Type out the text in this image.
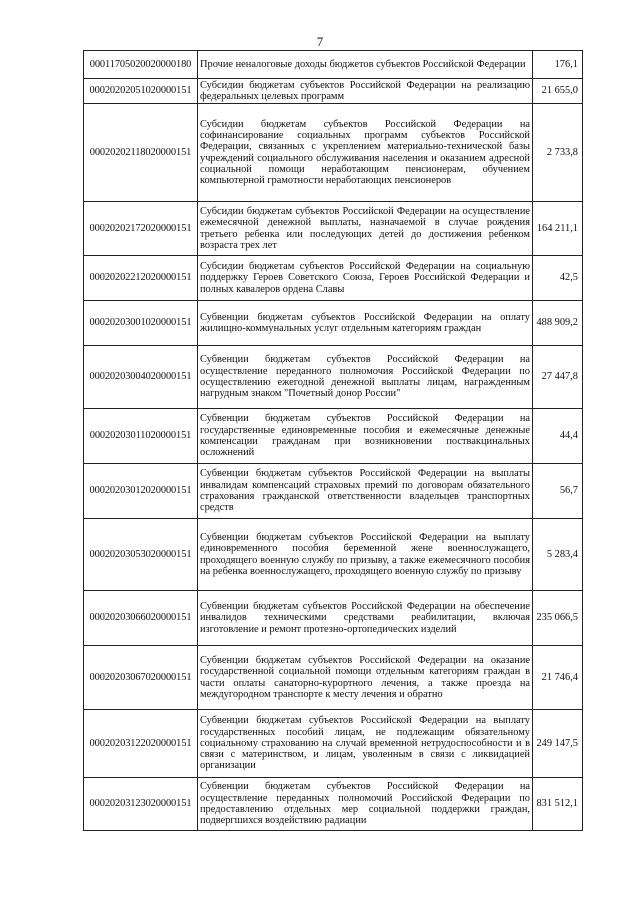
7
00011705020020000180	Прочие неналоговые доходы бюджетов субъектов Российской Федерации	176,1
00020202051020000151	Субсидии бюджетам субъектов Российской Федерации на реализацию федеральных целевых программ	21 655,0
00020202118020000151	Субсидии бюджетам субъектов Российской Федерации на софинансирование социальных программ субъектов Российской Федерации, связанных с укреплением материально-технической базы учреждений социального обслуживания населения и оказанием адресной социальной помощи неработающим пенсионерам, обучением компьютерной грамотности неработающих пенсионеров	2 733,8
00020202172020000151	Субсидии бюджетам субъектов Российской Федерации на осуществление ежемесячной денежной выплаты, назначаемой в случае рождения третьего ребенка или последующих детей до достижения ребенком возраста трех лет	164 211,1
00020202212020000151	Субсидии бюджетам субъектов Российской Федерации на социальную поддержку Героев Советского Союза, Героев Российской Федерации и полных кавалеров ордена Славы	42,5
00020203001020000151	Субвенции бюджетам субъектов Российской Федерации на оплату жилищно-коммунальных услуг отдельным категориям граждан	488 909,2
00020203004020000151	Субвенции бюджетам субъектов Российской Федерации на осуществление переданного полномочия Российской Федерации по осуществлению ежегодной денежной выплаты лицам, награжденным нагрудным знаком "Почетный донор России"	27 447,8
00020203011020000151	Субвенции бюджетам субъектов Российской Федерации на государственные единовременные пособия и ежемесячные денежные компенсации гражданам при возникновении поствакцинальных осложнений	44,4
00020203012020000151	Субвенции бюджетам субъектов Российской Федерации на выплаты инвалидам компенсаций страховых премий по договорам обязательного страхования гражданской ответственности владельцев транспортных средств	56,7
00020203053020000151	Субвенции бюджетам субъектов Российской Федерации на выплату единовременного пособия беременной жене военнослужащего, проходящего военную службу по призыву, а также ежемесячного пособия на ребенка военнослужащего, проходящего военную службу по призыву	5 283,4
00020203066020000151	Субвенции бюджетам субъектов Российской Федерации на обеспечение инвалидов техническими средствами реабилитации, включая изготовление и ремонт протезно-ортопедических изделий	235 066,5
00020203067020000151	Субвенции бюджетам субъектов Российской Федерации на оказание государственной социальной помощи отдельным категориям граждан в части оплаты санаторно-курортного лечения, а также проезда на междугородном транспорте к месту лечения и обратно	21 746,4
00020203122020000151	Субвенции бюджетам субъектов Российской Федерации на выплату государственных пособий лицам, не подлежащим обязательному социальному страхованию на случай временной нетрудоспособности и в связи с материнством, и лицам, уволенным в связи с ликвидацией организации	249 147,5
00020203123020000151	Субвенции бюджетам субъектов Российской Федерации на осуществление переданных полномочий Российской Федерации по предоставлению отдельных мер социальной поддержки граждан, подвергшихся воздействию радиации	831 512,1
